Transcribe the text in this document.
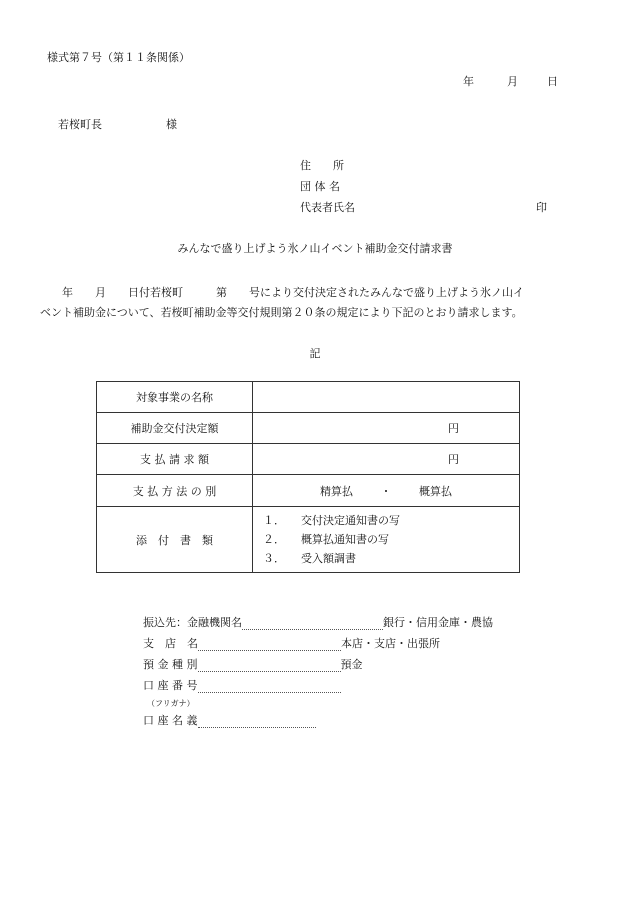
様式第７号（第１１条関係）
年	月	日
若桜町長	様
住　　所
団 体 名
代表者氏名	印
みんなで盛り上げよう氷ノ山イベント補助金交付請求書
　　年　　月　　日付若桜町　　　第　　号により交付決定されたみんなで盛り上げよう氷ノ山イ
ベント補助金について、若桜町補助金等交付規則第２０条の規定により下記のとおり請求します。
記
対象事業の名称	
補助金交付決定額	円

支 払 請 求 額	円

支 払 方 法 の 別	精算払 ・ 概算払
添　付　書　類	１． 交付決定通知書の写
２． 概算払通知書の写
３． 受入額調書
振込先：金融機関名	銀行・信用金庫・農協
支　店　名	本店・支店・出張所
預 金 種 別	預金
口 座 番 号
（フリガナ）
口 座 名 義
